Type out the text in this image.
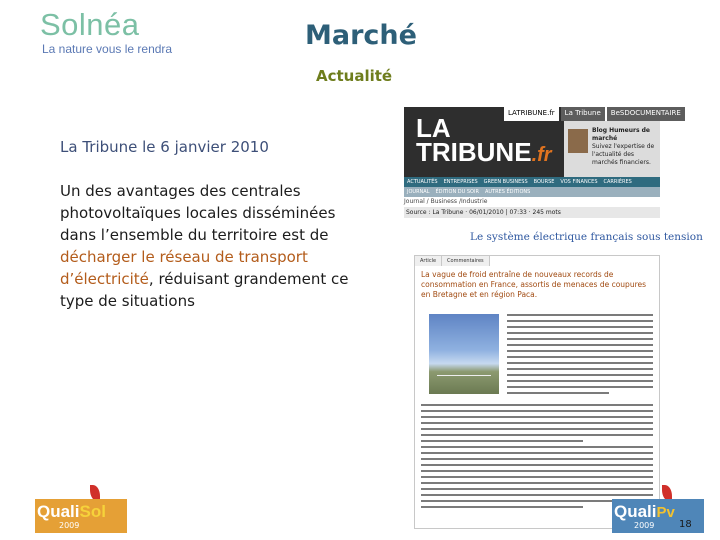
Solnéa
La nature vous le rendra	Marché
Actualité
La Tribune le 6 janvier 2010
Un des avantages des centrales photovoltaïques locales disséminées dans l’ensemble du territoire est de décharger le réseau de transport d’électricité, réduisant grandement ce type de situations
LA
TRIBUNE.fr
LATRIBUNE.fr	La Tribune	BeSDOCUMENTAIRE
Blog Humeurs de marché
Suivez l'expertise de l'actualité des marchés financiers.
ACTUALITÉS	ENTREPRISES	GREEN BUSINESS	BOURSE	VOS FINANCES	CARRIÈRES
JOURNAL	ÉDITION DU SOIR	AUTRES ÉDITIONS
Journal / Business /Industrie
Source : La Tribune · 06/01/2010 | 07:33 · 245 mots
Le système électrique français sous tension
Article	Commentaires
La vague de froid entraîne de nouveaux records de consommation en France, assortis de menaces de coupures en Bretagne et en région Paca.
QualiSol
2009
QualiPv
2009 18
